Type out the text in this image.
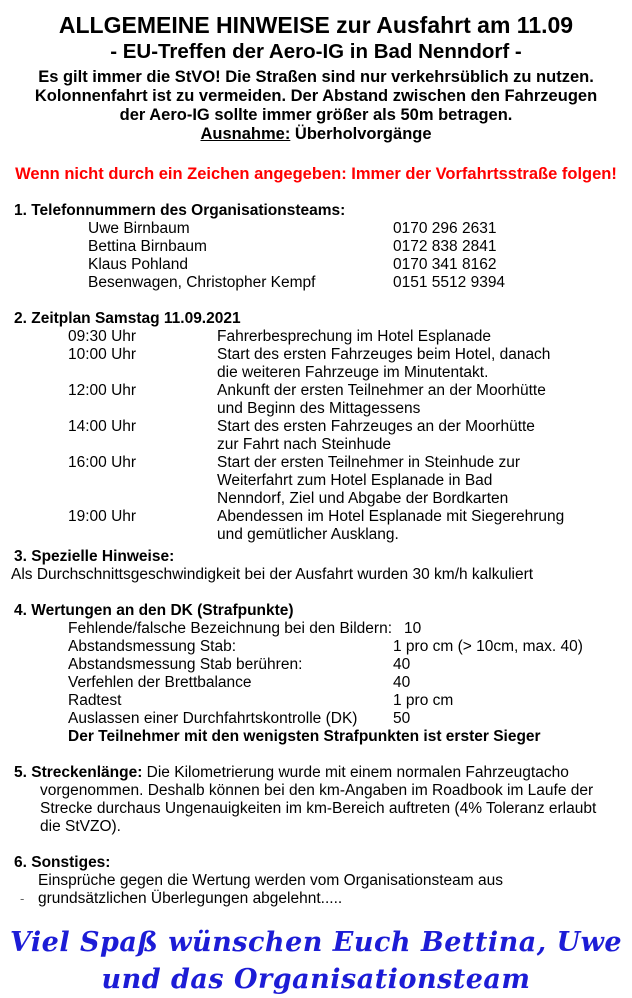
ALLGEMEINE HINWEISE zur Ausfahrt am 11.09
- EU-Treffen der Aero-IG in Bad Nenndorf -
Es gilt immer die StVO! Die Straßen sind nur verkehrsüblich zu nutzen.
Kolonnenfahrt ist zu vermeiden. Der Abstand zwischen den Fahrzeugen
der Aero-IG sollte immer größer als 50m betragen.
Ausnahme: Überholvorgänge
Wenn nicht durch ein Zeichen angegeben: Immer der Vorfahrtsstraße folgen!
1. Telefonnummern des Organisationsteams:
Uwe Birnbaum	0170 296 2631
Bettina Birnbaum	0172 838 2841
Klaus Pohland	0170 341 8162
Besenwagen, Christopher Kempf	0151 5512 9394
2. Zeitplan Samstag 11.09.2021
09:30 Uhr	Fahrerbesprechung im Hotel Esplanade
10:00 Uhr	Start des ersten Fahrzeuges beim Hotel, danach
die weiteren Fahrzeuge im Minutentakt.
12:00 Uhr	Ankunft der ersten Teilnehmer an der Moorhütte
und Beginn des Mittagessens
14:00 Uhr	Start des ersten Fahrzeuges an der Moorhütte
zur Fahrt nach Steinhude
16:00 Uhr	Start der ersten Teilnehmer in Steinhude zur
Weiterfahrt zum Hotel Esplanade in Bad
Nenndorf, Ziel und Abgabe der Bordkarten
19:00 Uhr	Abendessen im Hotel Esplanade mit Siegerehrung
und gemütlicher Ausklang.
3. Spezielle Hinweise:
Als Durchschnittsgeschwindigkeit bei der Ausfahrt wurden 30 km/h kalkuliert
4. Wertungen an den DK (Strafpunkte)
Fehlende/falsche Bezeichnung bei den Bildern: 10
Abstandsmessung Stab:	1 pro cm (> 10cm, max. 40)
Abstandsmessung Stab berühren:	40
Verfehlen der Brettbalance	40
Radtest	1 pro cm
Auslassen einer Durchfahrtskontrolle (DK)	50
Der Teilnehmer mit den wenigsten Strafpunkten ist erster Sieger
5. Streckenlänge: Die Kilometrierung wurde mit einem normalen Fahrzeugtacho vorgenommen. Deshalb können bei den km-Angaben im Roadbook im Laufe der Strecke durchaus Ungenauigkeiten im km-Bereich auftreten (4% Toleranz erlaubt die StVZO).
6. Sonstiges:
Einsprüche gegen die Wertung werden vom Organisationsteam aus grundsätzlichen Überlegungen abgelehnt.....
-
Viel Spaß wünschen Euch Bettina, Uwe
und das Organisationsteam
